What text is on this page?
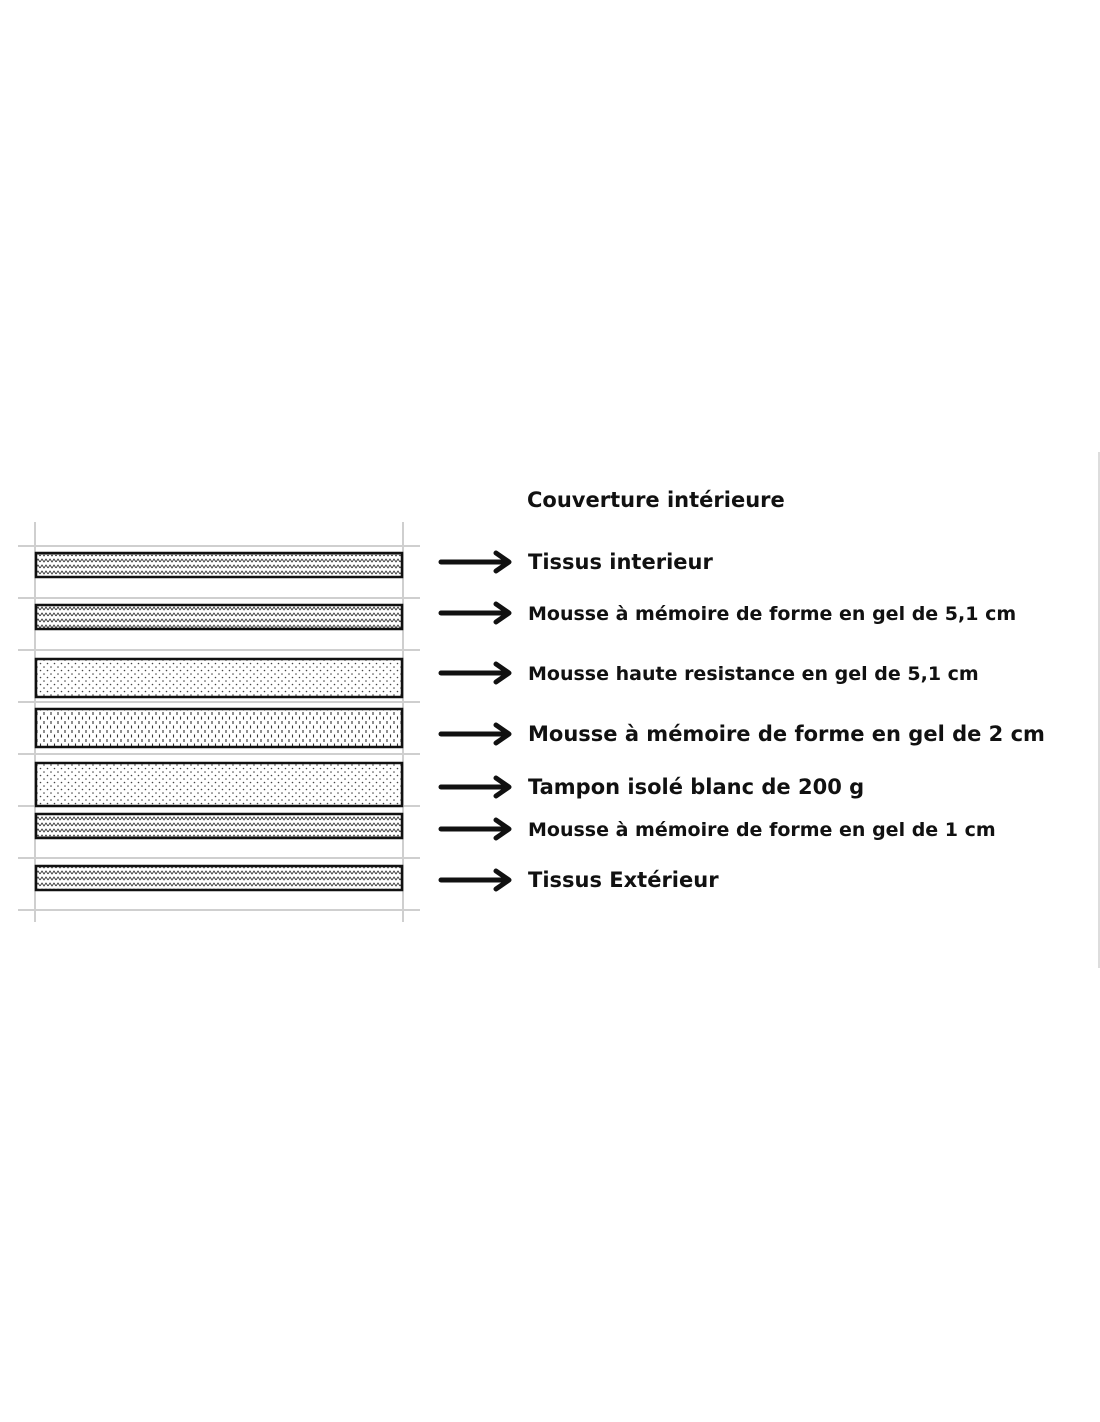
Couverture intérieure
Tissus interieur
Mousse à mémoire de forme en gel de 5,1 cm
Mousse haute resistance en gel de 5,1 cm
Mousse à mémoire de forme en gel de 2 cm
Tampon isolé blanc de 200 g
Mousse à mémoire de forme en gel de 1 cm
Tissus Extérieur
